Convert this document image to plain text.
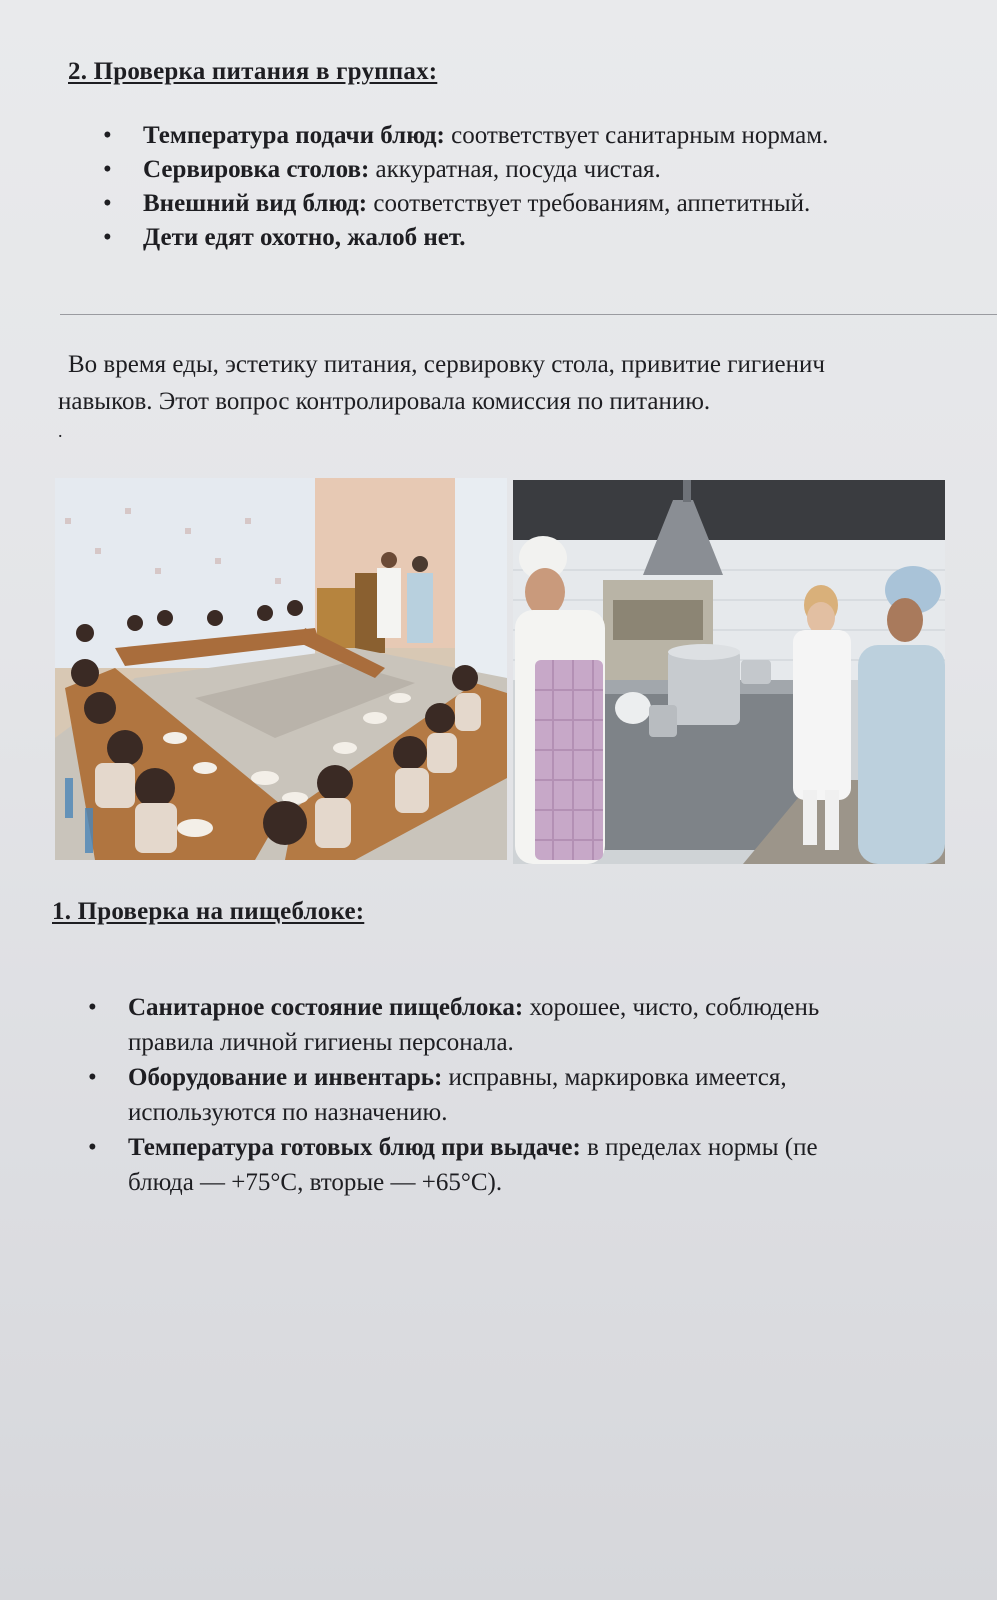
2. Проверка питания в группах:
• Температура подачи блюд: соответствует санитарным нормам.
• Сервировка столов: аккуратная, посуда чистая.
• Внешний вид блюд: соответствует требованиям, аппетитный.
• Дети едят охотно, жалоб нет.
Во время еды, эстетику питания, сервировку стола, привитие гигиенич
навыков. Этот вопрос контролировала комиссия по питанию.
.
1. Проверка на пищеблоке:
• Санитарное состояние пищеблока: хорошее, чисто, соблюдень
правила личной гигиены персонала.
• Оборудование и инвентарь: исправны, маркировка имеется,
используются по назначению.
• Температура готовых блюд при выдаче: в пределах нормы (пе
блюда — +75°C, вторые — +65°C).
